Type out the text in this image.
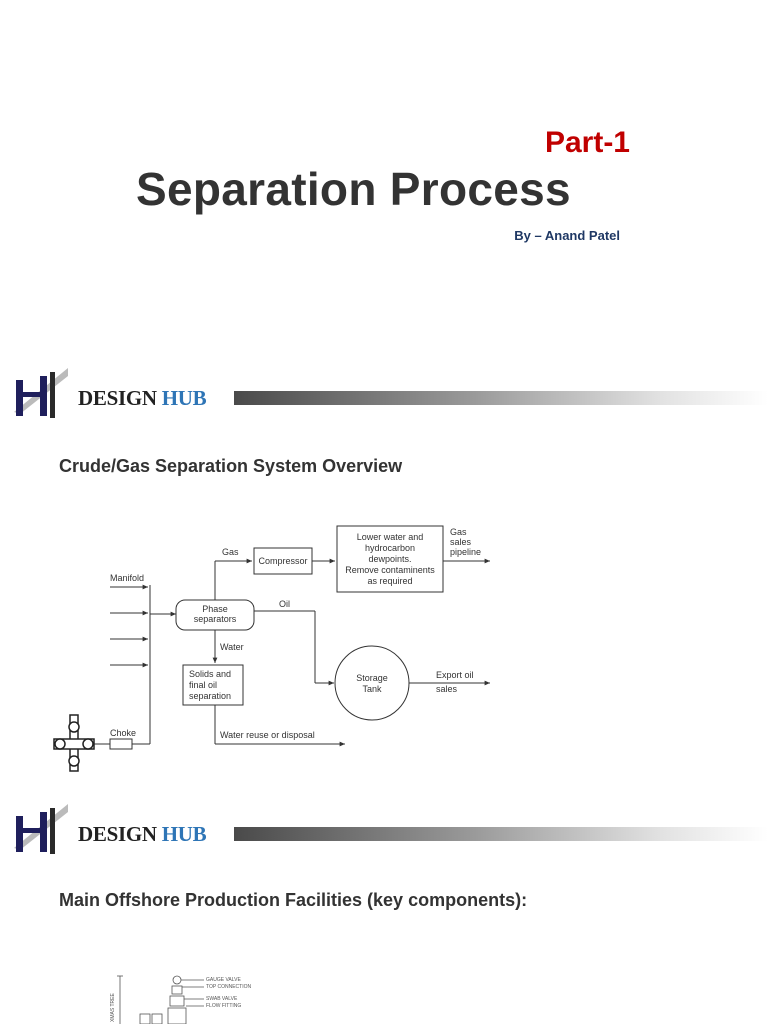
Part-1
Separation Process
By – Anand Patel
DESIGN HUB
Crude/Gas Separation System Overview
Manifold
Choke
Gas
Compressor
Lower water and
hydrocarbon
dewpoints.
Remove contaminents
as required
Gas
sales
pipeline
Phase
separators
Oil
Water
Solids and
final oil
separation
Storage
Tank
Export oil
sales
Water reuse or disposal
DESIGN HUB
Main Offshore Production Facilities (key components):
GAUGE VALVE
TOP CONNECTION
SWAB VALVE
FLOW FITTING
XMAS TREE
